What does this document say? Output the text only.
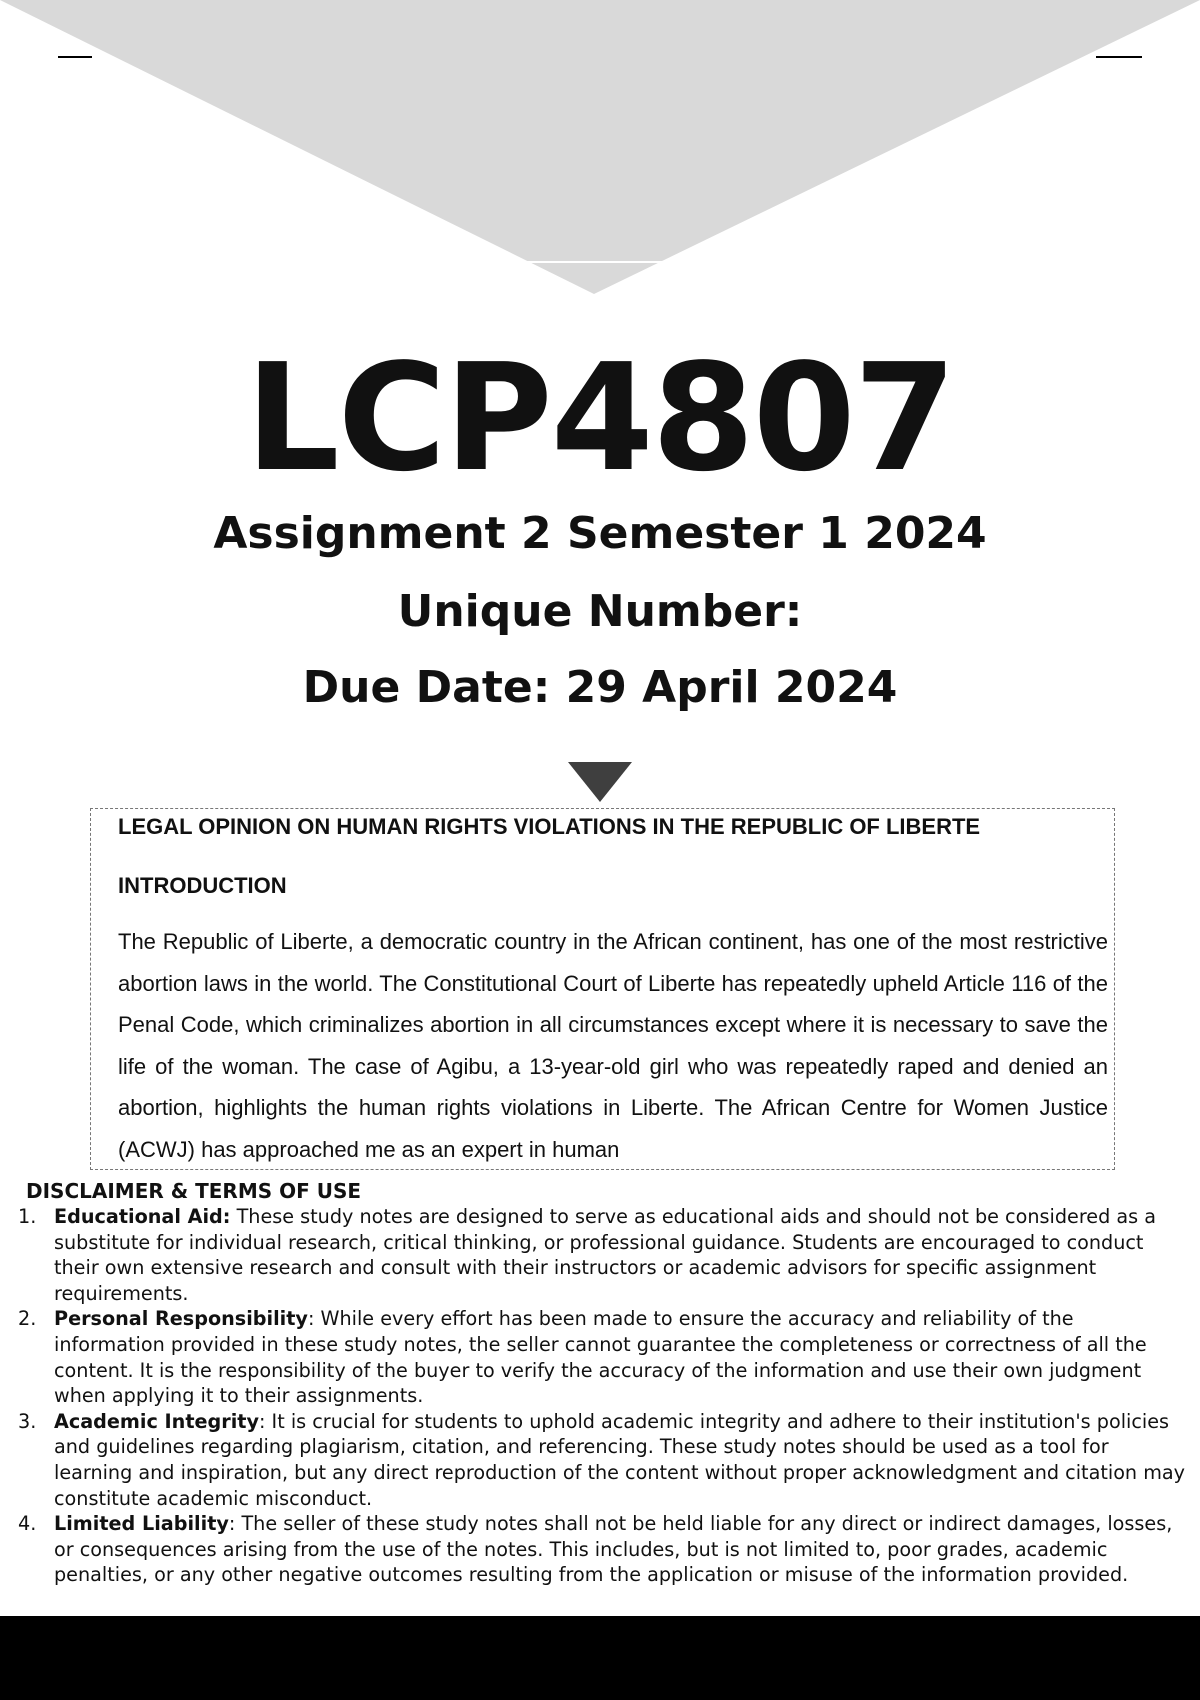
LCP4807
Assignment 2 Semester 1 2024
Unique Number:
Due Date: 29 April 2024
LEGAL OPINION ON HUMAN RIGHTS VIOLATIONS IN THE REPUBLIC OF LIBERTE
INTRODUCTION

The Republic of Liberte, a democratic country in the African continent, has one of the most restrictive abortion laws in the world. The Constitutional Court of Liberte has repeatedly upheld Article 116 of the Penal Code, which criminalizes abortion in all circumstances except where it is necessary to save the life of the woman. The case of Agibu, a 13-year-old girl who was repeatedly raped and denied an abortion, highlights the human rights violations in Liberte. The African Centre for Women Justice (ACWJ) has approached me as an expert in human

DISCLAIMER & TERMS OF USE
1. Educational Aid: These study notes are designed to serve as educational aids and should not be considered as a substitute for individual research, critical thinking, or professional guidance. Students are encouraged to conduct their own extensive research and consult with their instructors or academic advisors for specific assignment requirements.
2. Personal Responsibility: While every effort has been made to ensure the accuracy and reliability of the information provided in these study notes, the seller cannot guarantee the completeness or correctness of all the content. It is the responsibility of the buyer to verify the accuracy of the information and use their own judgment when applying it to their assignments.
3. Academic Integrity: It is crucial for students to uphold academic integrity and adhere to their institution's policies and guidelines regarding plagiarism, citation, and referencing. These study notes should be used as a tool for learning and inspiration, but any direct reproduction of the content without proper acknowledgment and citation may constitute academic misconduct.
4. Limited Liability: The seller of these study notes shall not be held liable for any direct or indirect damages, losses, or consequences arising from the use of the notes. This includes, but is not limited to, poor grades, academic penalties, or any other negative outcomes resulting from the application or misuse of the information provided.
